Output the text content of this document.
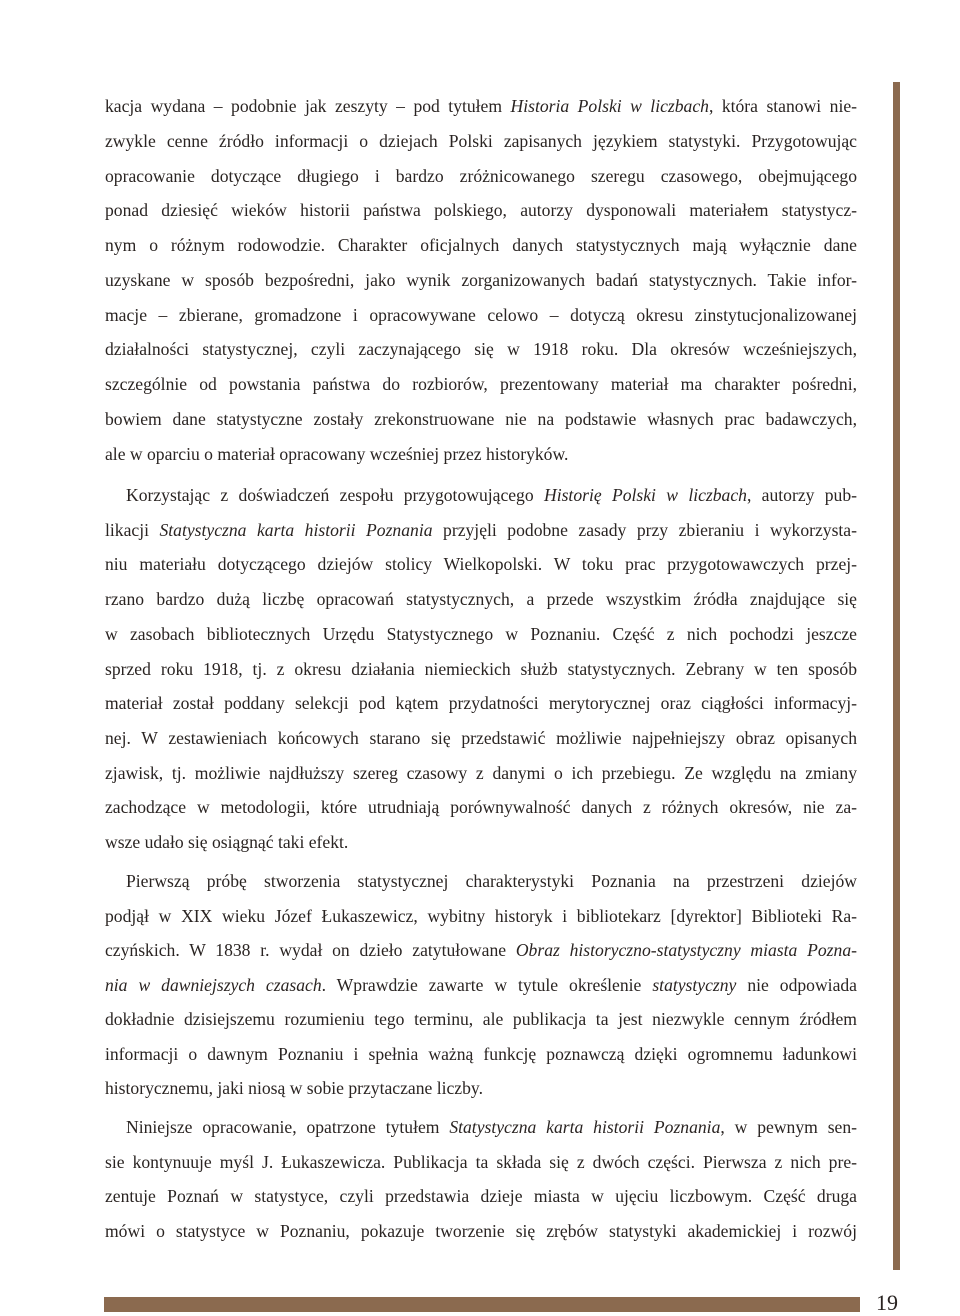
19
kacja wydana – podobnie jak zeszyty – pod tytułem Historia Polski w liczbach, która stanowi nie-
zwykle cenne źródło informacji o dziejach Polski zapisanych językiem statystyki. Przygotowując
opracowanie dotyczące długiego i bardzo zróżnicowanego szeregu czasowego, obejmującego
ponad dziesięć wieków historii państwa polskiego, autorzy dysponowali materiałem statystycz-
nym o różnym rodowodzie. Charakter oficjalnych danych statystycznych mają wyłącznie dane
uzyskane w sposób bezpośredni, jako wynik zorganizowanych badań statystycznych. Takie infor-
macje – zbierane, gromadzone i opracowywane celowo – dotyczą okresu zinstytucjonalizowanej
działalności statystycznej, czyli zaczynającego się w 1918 roku. Dla okresów wcześniejszych,
szczególnie od powstania państwa do rozbiorów, prezentowany materiał ma charakter pośredni,
bowiem dane statystyczne zostały zrekonstruowane nie na podstawie własnych prac badawczych,
ale w oparciu o materiał opracowany wcześniej przez historyków.
Korzystając z doświadczeń zespołu przygotowującego Historię Polski w liczbach, autorzy pub-
likacji Statystyczna karta historii Poznania przyjęli podobne zasady przy zbieraniu i wykorzysta-
niu materiału dotyczącego dziejów stolicy Wielkopolski. W toku prac przygotowawczych przej-
rzano bardzo dużą liczbę opracowań statystycznych, a przede wszystkim źródła znajdujące się
w zasobach bibliotecznych Urzędu Statystycznego w Poznaniu. Część z nich pochodzi jeszcze
sprzed roku 1918, tj. z okresu działania niemieckich służb statystycznych. Zebrany w ten sposób
materiał został poddany selekcji pod kątem przydatności merytorycznej oraz ciągłości informacyj-
nej. W zestawieniach końcowych starano się przedstawić możliwie najpełniejszy obraz opisanych
zjawisk, tj. możliwie najdłuższy szereg czasowy z danymi o ich przebiegu. Ze względu na zmiany
zachodzące w metodologii, które utrudniają porównywalność danych z różnych okresów, nie za-
wsze udało się osiągnąć taki efekt.
Pierwszą próbę stworzenia statystycznej charakterystyki Poznania na przestrzeni dziejów
podjął w XIX wieku Józef Łukaszewicz, wybitny historyk i bibliotekarz [dyrektor] Biblioteki Ra-
czyńskich. W 1838 r. wydał on dzieło zatytułowane Obraz historyczno-statystyczny miasta Pozna-
nia w dawniejszych czasach. Wprawdzie zawarte w tytule określenie statystyczny nie odpowiada
dokładnie dzisiejszemu rozumieniu tego terminu, ale publikacja ta jest niezwykle cennym źródłem
informacji o dawnym Poznaniu i spełnia ważną funkcję poznawczą dzięki ogromnemu ładunkowi
historycznemu, jaki niosą w sobie przytaczane liczby.
Niniejsze opracowanie, opatrzone tytułem Statystyczna karta historii Poznania, w pewnym sen-
sie kontynuuje myśl J. Łukaszewicza. Publikacja ta składa się z dwóch części. Pierwsza z nich pre-
zentuje Poznań w statystyce, czyli przedstawia dzieje miasta w ujęciu liczbowym. Część druga
mówi o statystyce w Poznaniu, pokazuje tworzenie się zrębów statystyki akademickiej i rozwój
